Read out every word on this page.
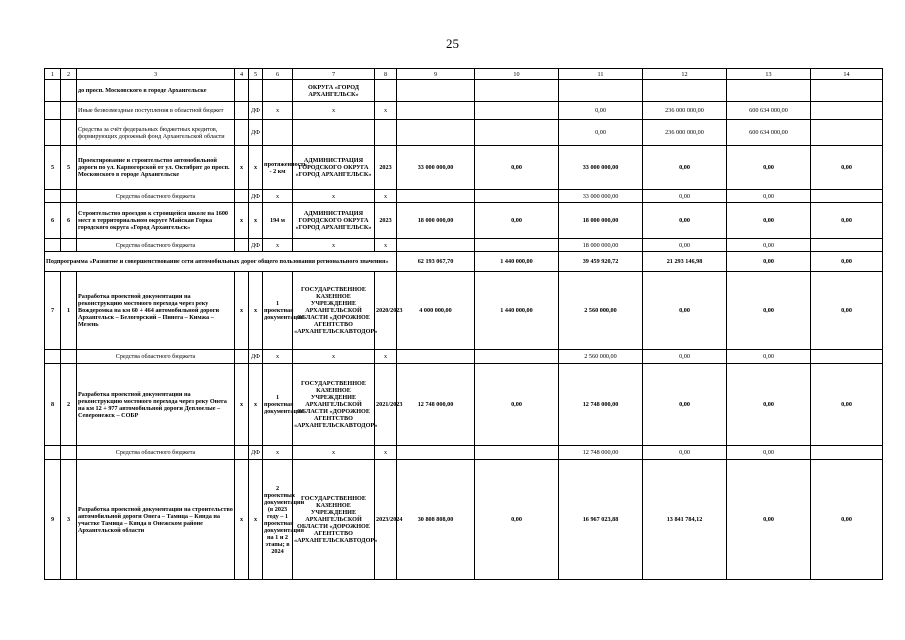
25
1	2	3	4	5	6	7	8	9	10	11	12	13	14
		до просп. Московского в городе Архангельске				ОКРУГА «ГОРОД АРХАНГЕЛЬСК»							
		Иные безвозмездные поступления в областной бюджет		ДФ	х	х	х			0,00	236 000 000,00	600 634 000,00	
		Средства за счёт федеральных бюджетных кредитов, формирующих дорожный фонд Архангельской области		ДФ						0,00	236 000 000,00	600 634 000,00	
5	5	Проектирование и строительство автомобильной дороги по ул. Карпогорской от ул. Октябрят до просп. Московского в городе Архангельске	х	х	протяженность - 2 км	АДМИНИСТРАЦИЯ ГОРОДСКОГО ОКРУГА «ГОРОД АРХАНГЕЛЬСК»	2023	33 000 000,00	0,00	33 000 000,00	0,00	0,00	0,00
		Средства областного бюджета		ДФ	х	х	х			33 000 000,00	0,00	0,00	
6	6	Строительство проездов к строящейся школе на 1600 мест в территориальном округе Майская Горка городского округа «Город Архангельск»	х	х	194 м	АДМИНИСТРАЦИЯ ГОРОДСКОГО ОКРУГА «ГОРОД АРХАНГЕЛЬСК»	2023	18 000 000,00	0,00	18 000 000,00	0,00	0,00	0,00
		Средства областного бюджета		ДФ	х	х	х			18 000 000,00	0,00	0,00	
Подпрограмма «Развитие и совершенствование сети автомобильных дорог общего пользования регионального значения»								62 193 067,70	1 440 000,00	39 459 920,72	21 293 146,98	0,00	0,00
7	1	Разработка проектной документации на реконструкцию мостового перехода через реку Вождеромка на км 60 + 464 автомобильной дороги Архангельск – Белогорский – Пинега – Кимжа – Мезень	х	х	1 проектная документация	ГОСУДАРСТВЕННОЕ КАЗЕННОЕ УЧРЕЖДЕНИЕ АРХАНГЕЛЬСКОЙ ОБЛАСТИ «ДОРОЖНОЕ АГЕНТСТВО «АРХАНГЕЛЬСКАВТОДОР»	2020/2023	4 000 000,00	1 440 000,00	2 560 000,00	0,00	0,00	0,00
		Средства областного бюджета		ДФ	х	х	х			2 560 000,00	0,00	0,00	
8	2	Разработка проектной документации на реконструкцию мостового перехода через реку Онега на км 12 + 977 автомобильной дороги Деплоелые – Северонежск – СОБР	х	х	1 проектная документация	ГОСУДАРСТВЕННОЕ КАЗЕННОЕ УЧРЕЖДЕНИЕ АРХАНГЕЛЬСКОЙ ОБЛАСТИ «ДОРОЖНОЕ АГЕНТСТВО «АРХАНГЕЛЬСКАВТОДОР»	2021/2023	12 748 000,00	0,00	12 748 000,00	0,00	0,00	0,00
		Средства областного бюджета		ДФ	х	х	х			12 748 000,00	0,00	0,00	
9	3	Разработка проектной документации на строительство автомобильной дороги Онега – Тамица – Кянда на участке Тамица – Кянда в Онежском районе Архангельской области	х	х	2 проектных документации (в 2023 году – 1 проектная документация на 1 и 2 этапы; в 2024	ГОСУДАРСТВЕННОЕ КАЗЕННОЕ УЧРЕЖДЕНИЕ АРХАНГЕЛЬСКОЙ ОБЛАСТИ «ДОРОЖНОЕ АГЕНТСТВО «АРХАНГЕЛЬСКАВТОДОР»	2023/2024	30 808 808,00	0,00	16 967 023,88	13 841 784,12	0,00	0,00
